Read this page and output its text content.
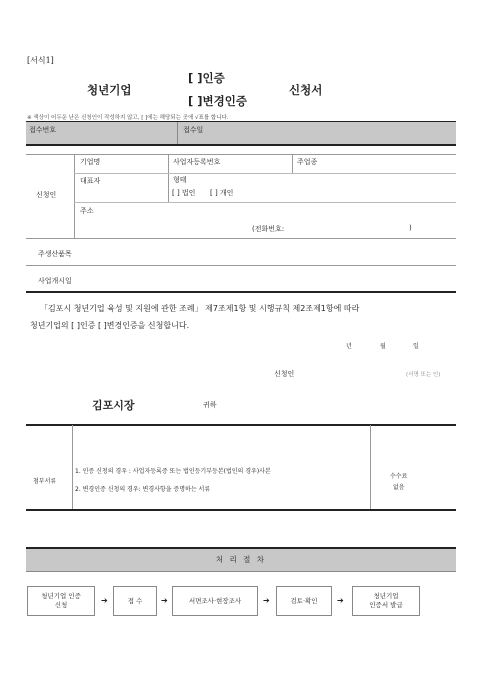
[서식1]
청년기업
[ ]인증
[ ]변경인증
신청서
※ 색상이 어두운 난은 신청인이 작성하지 않고, [ ]에는 해당되는 곳에 √표를 합니다.
접수번호	접수일
신청인
기업명	사업자등록번호	주업종
대표자	형태
[ ] 법인 [ ] 개인
주소
(전화번호:	)
주생산품목
사업개시일
「김포시 청년기업 육성 및 지원에 관한 조례」 제7조제1항 및 시행규칙 제2조제1항에 따라
청년기업의 [ ]인증 [ ]변경인증을 신청합니다.
년	월	일
신청인	(서명 또는 인)
김포시장	귀하
첨부서류
1. 인증 신청의 경우 : 사업자등록증 또는 법인등기부등본(법인의 경우)사본
2. 변경인증 신청의 경우: 변경사항을 증명하는 서류
수수료
없음
처 리 절 차
청년기업 인증
신청	➔	접 수 ➔	서면조사·현장조사	➔	검토·확인 ➔	청년기업
인증서 발급
